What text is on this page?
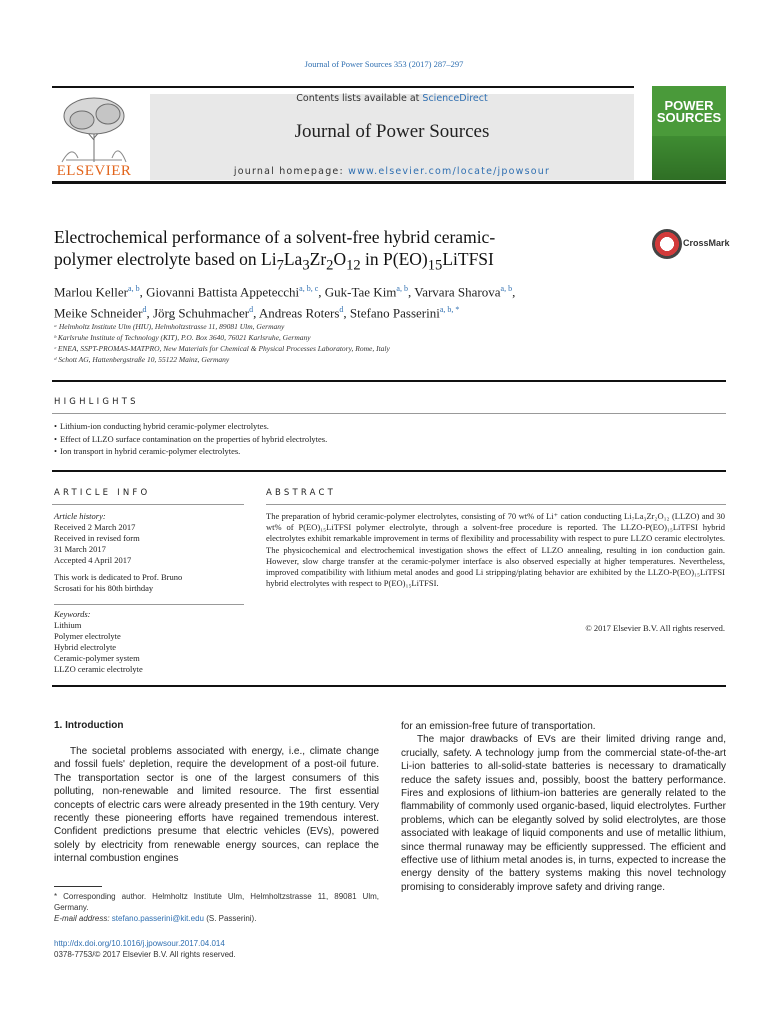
Journal of Power Sources 353 (2017) 287–297
ELSEVIER
Contents lists available at ScienceDirect
Journal of Power Sources
journal homepage: www.elsevier.com/locate/jpowsour
POWER SOURCES
Electrochemical performance of a solvent-free hybrid ceramic-
polymer electrolyte based on $Li_7La_3Zr_2O_{12}$ in $P(EO)_{15}LiTFSI$
CrossMark
Marlou Keller$^{a, b}$, Giovanni Battista Appetecchi$^{a, b, c}$, Guk-Tae Kim$^{a, b}$, Varvara Sharova$^{a, b}$,
Meike Schneider$^d$, Jörg Schuhmacher$^d$, Andreas Roters$^d$, Stefano Passerini$^{a, b, *}$
ᵃ Helmholtz Institute Ulm (HIU), Helmholtzstrasse 11, 89081 Ulm, Germany
ᵇ Karlsruhe Institute of Technology (KIT), P.O. Box 3640, 76021 Karlsruhe, Germany
ᶜ ENEA, SSPT-PROMAS-MATPRO, New Materials for Chemical & Physical Processes Laboratory, Rome, Italy
ᵈ Schott AG, Hattenbergstraße 10, 55122 Mainz, Germany
HIGHLIGHTS
• Lithium-ion conducting hybrid ceramic-polymer electrolytes.
• Effect of LLZO surface contamination on the properties of hybrid electrolytes.
• Ion transport in hybrid ceramic-polymer electrolytes.
ARTICLE INFO	ABSTRACT
Article history:
Received 2 March 2017
Received in revised form
31 March 2017
Accepted 4 April 2017
This work is dedicated to Prof. Bruno
Scrosati for his 80th birthday
Keywords:
Lithium
Polymer electrolyte
Hybrid electrolyte
Ceramic-polymer system
LLZO ceramic electrolyte
The preparation of hybrid ceramic-polymer electrolytes, consisting of 70 wt% of Li⁺ cation conducting Li₇La₃Zr₂O₁₂ (LLZO) and 30 wt% of P(EO)₁₅LiTFSI polymer electrolyte, through a solvent-free procedure is reported. The LLZO-P(EO)₁₅LiTFSI hybrid electrolytes exhibit remarkable improvement in terms of flexibility and processability with respect to pure LLZO ceramic electrolytes. The physicochemical and electrochemical investigation shows the effect of LLZO annealing, resulting in ion conduction gain. However, slow charge transfer at the ceramic-polymer interface is also observed especially at higher temperatures. Nevertheless, improved compatibility with lithium metal anodes and good Li stripping/plating behavior are exhibited by the LLZO-P(EO)₁₅LiTFSI hybrid electrolytes with respect to P(EO)₁₅LiTFSI.
© 2017 Elsevier B.V. All rights reserved.
1. Introduction
The societal problems associated with energy, i.e., climate change and fossil fuels' depletion, require the development of a post-oil future. The transportation sector is one of the largest consumers of this polluting, non-renewable and limited resource. The first essential concepts of electric cars were already presented in the 19th century. Very recently these pioneering efforts have regained tremendous interest. Confident predictions presume that electric vehicles (EVs), powered solely by electricity from renewable energy sources, can replace the internal combustion engines

for an emission-free future of transportation.

The major drawbacks of EVs are their limited driving range and, crucially, safety. A technology jump from the commercial state-of-the-art Li-ion batteries to all-solid-state batteries is necessary to dramatically reduce the safety issues and, possibly, boost the battery performance. Fires and explosions of lithium-ion batteries are generally related to the flammability of commonly used organic-based, liquid electrolytes. Further problems, which can be elegantly solved by solid electrolytes, are those associated with leakage of liquid components and use of metallic lithium, since thermal runaway may be efficiently suppressed. The efficient and effective use of lithium metal anodes is, in turns, expected to increase the energy density of the battery systems making this novel technology promising to considerably improve safety and driving range.

* Corresponding author. Helmholtz Institute Ulm, Helmholtzstrasse 11, 89081 Ulm, Germany.
E-mail address: stefano.passerini@kit.edu (S. Passerini).
http://dx.doi.org/10.1016/j.jpowsour.2017.04.014
0378-7753/© 2017 Elsevier B.V. All rights reserved.
